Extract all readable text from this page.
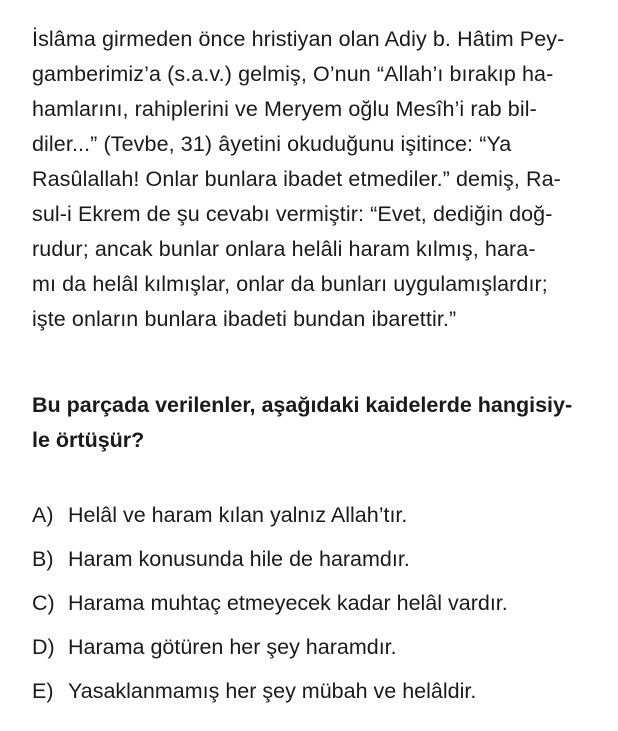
İslâma girmeden önce hristiyan olan Adiy b. Hâtim Pey-
gamberimiz’a (s.a.v.) gelmiş, O’nun “Allah’ı bırakıp ha-
hamlarını, rahiplerini ve Meryem oğlu Mesîh’i rab bil-
diler...” (Tevbe, 31) âyetini okuduğunu işitince: “Ya
Rasûlallah! Onlar bunlara ibadet etmediler.” demiş, Ra-
sul-i Ekrem de şu cevabı vermiştir: “Evet, dediğin doğ-
rudur; ancak bunlar onlara helâli haram kılmış, hara-
mı da helâl kılmışlar, onlar da bunları uygulamışlardır;
işte onların bunlara ibadeti bundan ibarettir.”
Bu parçada verilenler, aşağıdaki kaidelerde hangisiy-
le örtüşür?
A) Helâl ve haram kılan yalnız Allah’tır.
B) Haram konusunda hile de haramdır.
C) Harama muhtaç etmeyecek kadar helâl vardır.
D) Harama götüren her şey haramdır.
E) Yasaklanmamış her şey mübah ve helâldir.
